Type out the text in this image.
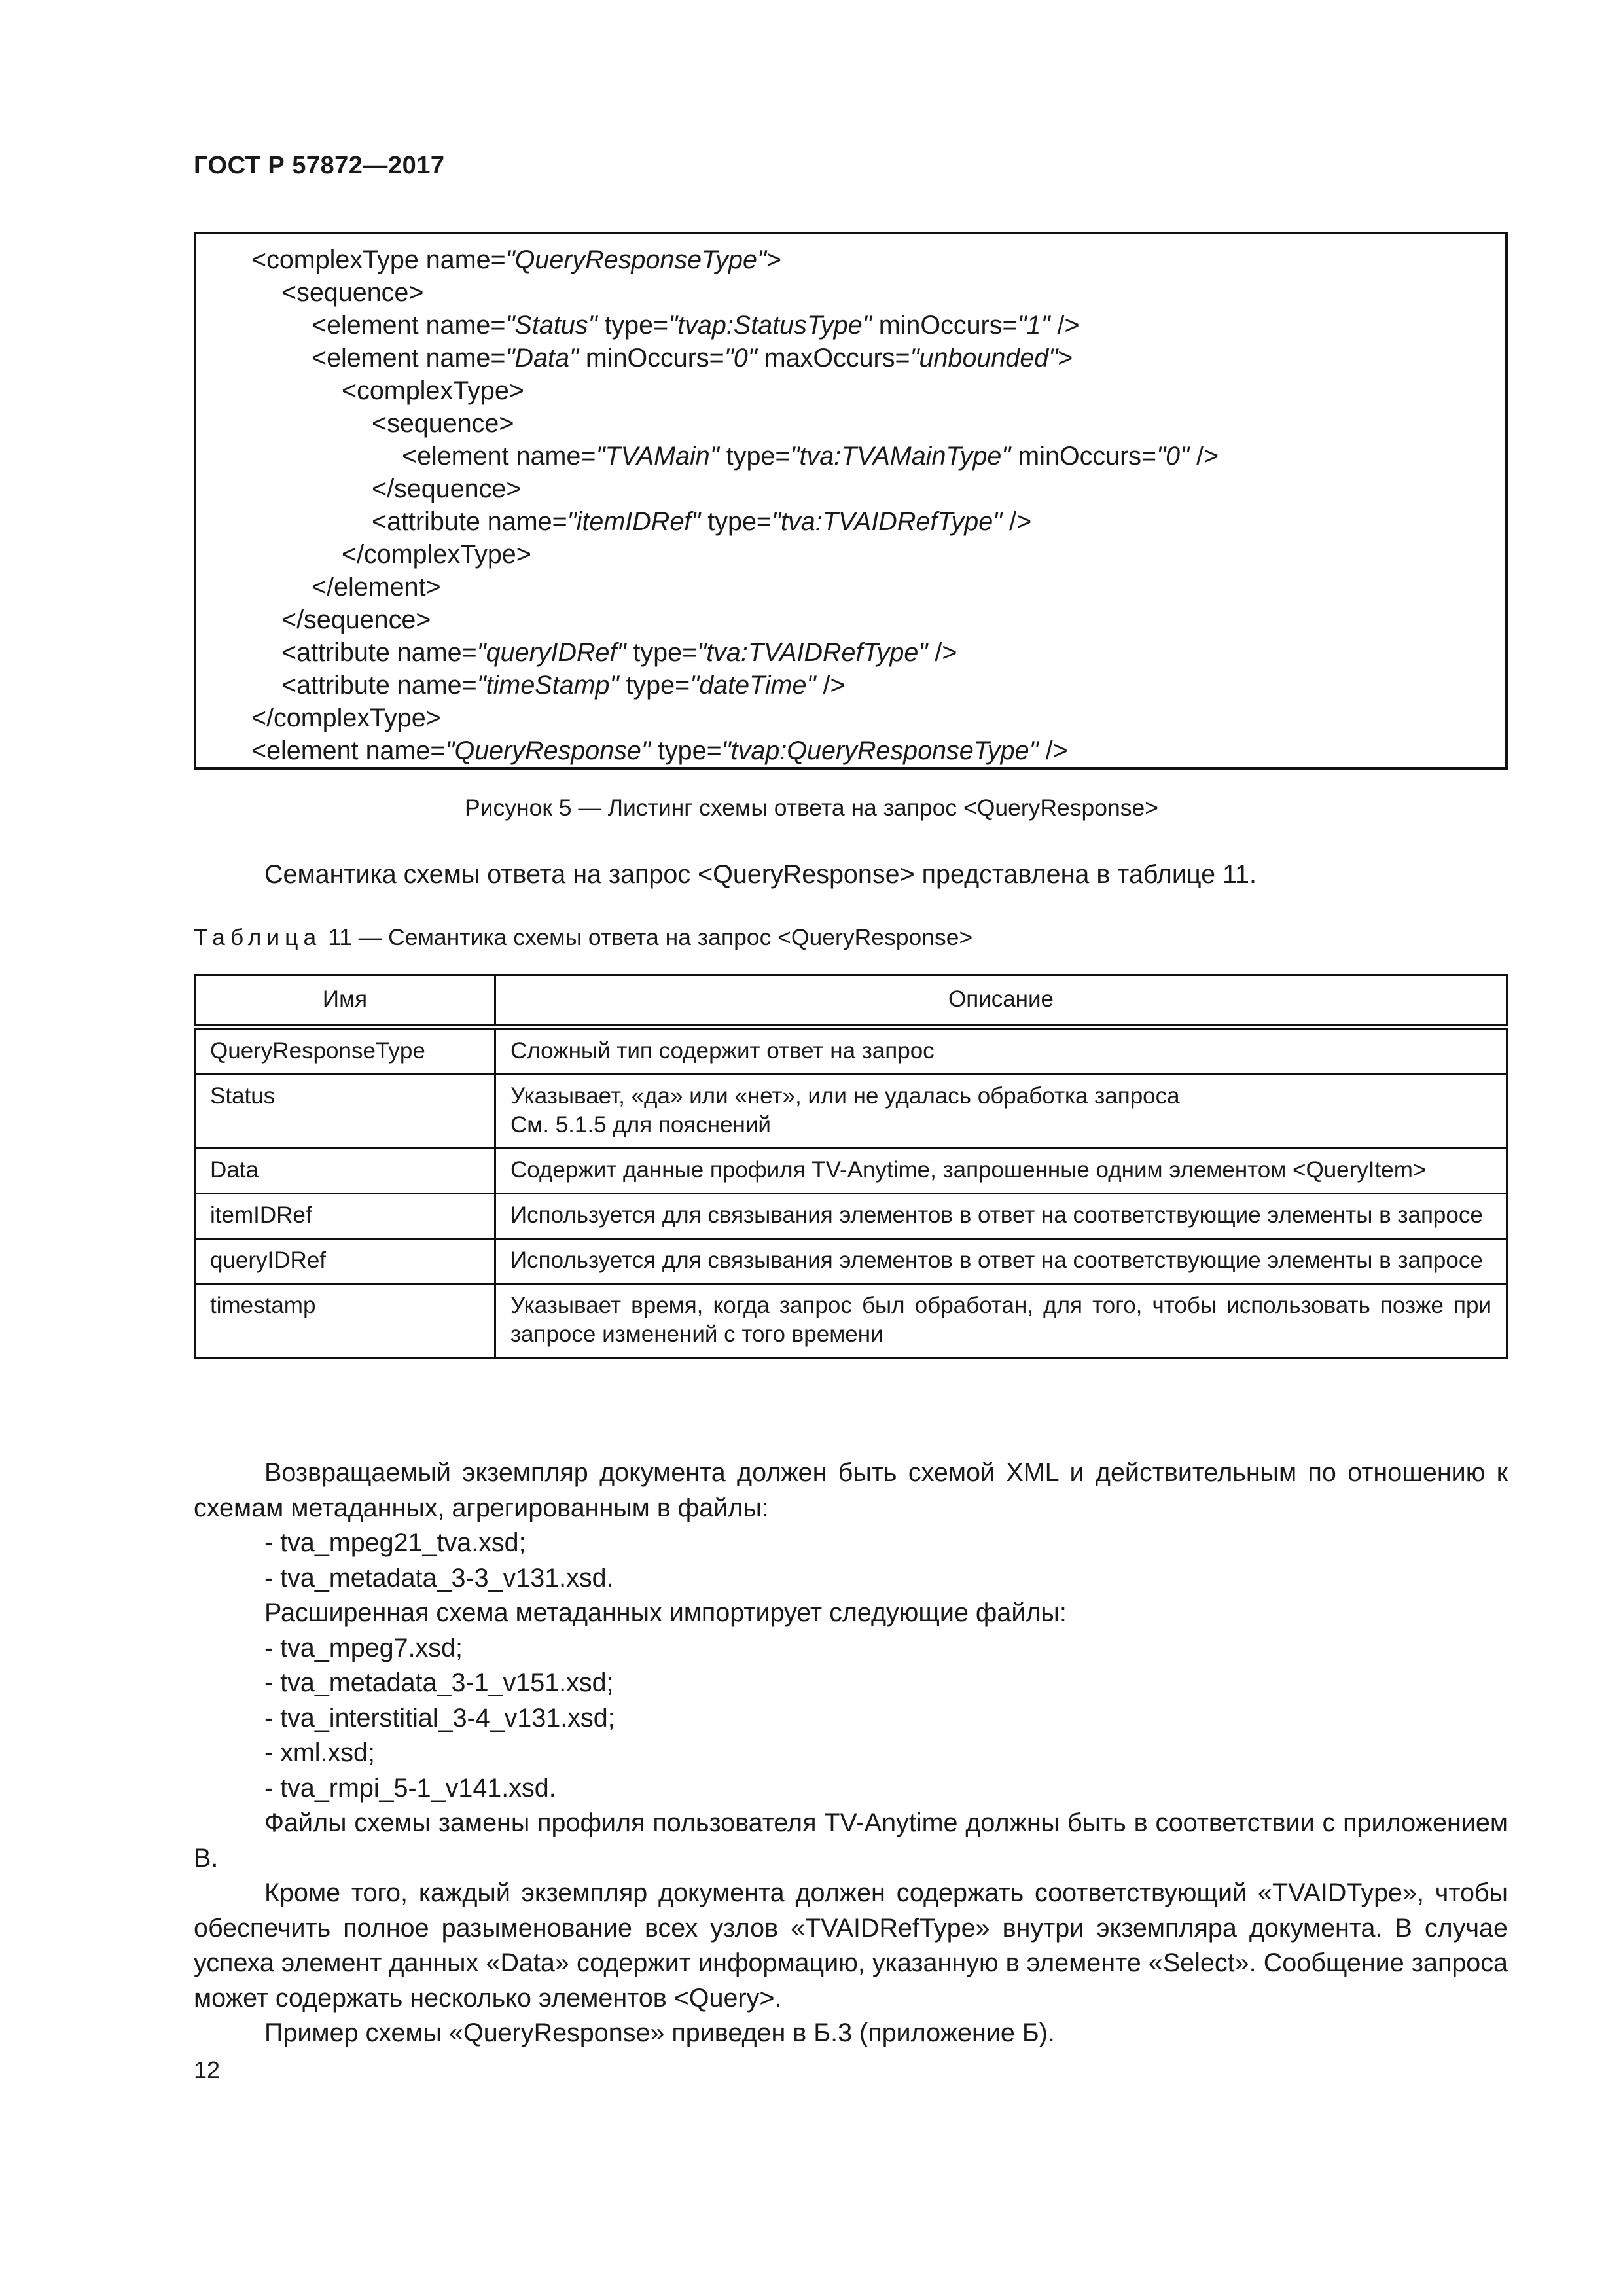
ГОСТ Р 57872—2017
<complexType name="QueryResponseType">
<sequence>
<element name="Status" type="tvap:StatusType" minOccurs="1" />
<element name="Data" minOccurs="0" maxOccurs="unbounded">
<complexType>
<sequence>
<element name="TVAMain" type="tva:TVAMainType" minOccurs="0" />
</sequence>
<attribute name="itemIDRef" type="tva:TVAIDRefType" />
</complexType>
</element>
</sequence>
<attribute name="queryIDRef" type="tva:TVAIDRefType" />
<attribute name="timeStamp" type="dateTime" />
</complexType>
<element name="QueryResponse" type="tvap:QueryResponseType" />
Рисунок 5 — Листинг схемы ответа на запрос <QueryResponse>
Семантика схемы ответа на запрос <QueryResponse> представлена в таблице 11.
Таблица 11 — Семантика схемы ответа на запрос <QueryResponse>
Имя	Описание
QueryResponseType	Сложный тип содержит ответ на запрос
Status	Указывает, «да» или «нет», или не удалась обработка запроса
См. 5.1.5 для пояснений
Data	Содержит данные профиля TV-Anytime, запрошенные одним элементом <QueryItem>
itemIDRef	Используется для связывания элементов в ответ на соответствующие элементы в запросе
queryIDRef	Используется для связывания элементов в ответ на соответствующие элементы в запросе
timestamp	Указывает время, когда запрос был обработан, для того, чтобы использовать позже при запросе изменений с того времени

Возвращаемый экземпляр документа должен быть схемой XML и действительным по отношению к схемам метаданных, агрегированным в файлы:

- tva_mpeg21_tva.xsd;

- tva_metadata_3-3_v131.xsd.

Расширенная схема метаданных импортирует следующие файлы:

- tva_mpeg7.xsd;

- tva_metadata_3-1_v151.xsd;

- tva_interstitial_3-4_v131.xsd;

- xml.xsd;

- tva_rmpi_5-1_v141.xsd.

Файлы схемы замены профиля пользователя TV-Anytime должны быть в соответствии с приложением В.

Кроме того, каждый экземпляр документа должен содержать соответствующий «TVAIDType», чтобы обеспечить полное разыменование всех узлов «TVAIDRefType» внутри экземпляра документа. В случае успеха элемент данных «Data» содержит информацию, указанную в элементе «Select». Сообщение запроса может содержать несколько элементов <Query>.

Пример схемы «QueryResponse» приведен в Б.3 (приложение Б).

12
